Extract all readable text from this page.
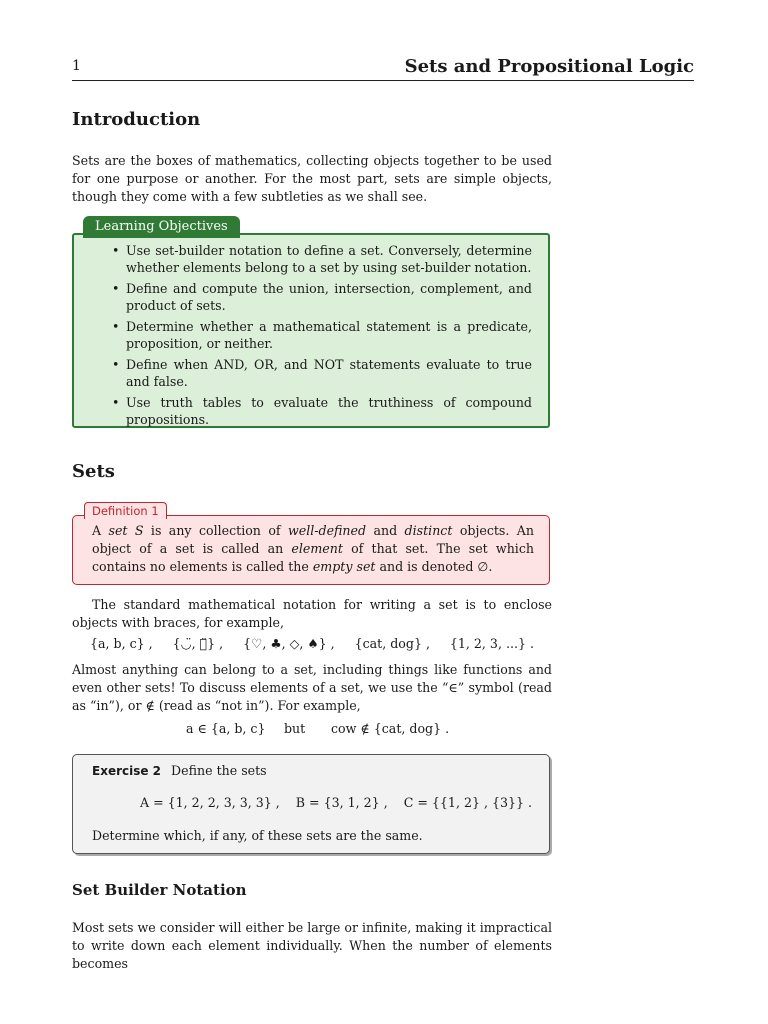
1	Sets and Propositional Logic
Introduction

Sets are the boxes of mathematics, collecting objects together to be used for one purpose or another. For the most part, sets are simple objects, though they come with a few subtleties as we shall see.

Learning Objectives
• Use set-builder notation to define a set. Conversely, determine whether elements belong to a set by using set-builder notation.
• Define and compute the union, intersection, complement, and product of sets.
• Determine whether a mathematical statement is a predicate, proposition, or neither.
• Define when AND, OR, and NOT statements evaluate to true and false.
• Use truth tables to evaluate the truthiness of compound propositions.
Sets
Definition 1
A set S is any collection of well-defined and distinct objects. An object of a set is called an element of that set. The set which contains no elements is called the empty set and is denoted ∅.

The standard mathematical notation for writing a set is to enclose objects with braces, for example,

{a, b, c} , {◡̈, ⌒̈} , {♡, ♣, ◇, ♠} , {cat, dog} , {1, 2, 3, ...} .

Almost anything can belong to a set, including things like functions and even other sets! To discuss elements of a set, we use the “∈” symbol (read as “in”), or ∉ (read as “not in”). For example,

a ∈ {a, b, c} but cow ∉ {cat, dog} .
Exercise 2 Define the sets
A = {1, 2, 2, 3, 3, 3} ,    B = {3, 1, 2} ,    C = {{1, 2} , {3}} .

Determine which, if any, of these sets are the same.

Set Builder Notation

Most sets we consider will either be large or infinite, making it impractical to write down each element individually. When the number of elements becomes
